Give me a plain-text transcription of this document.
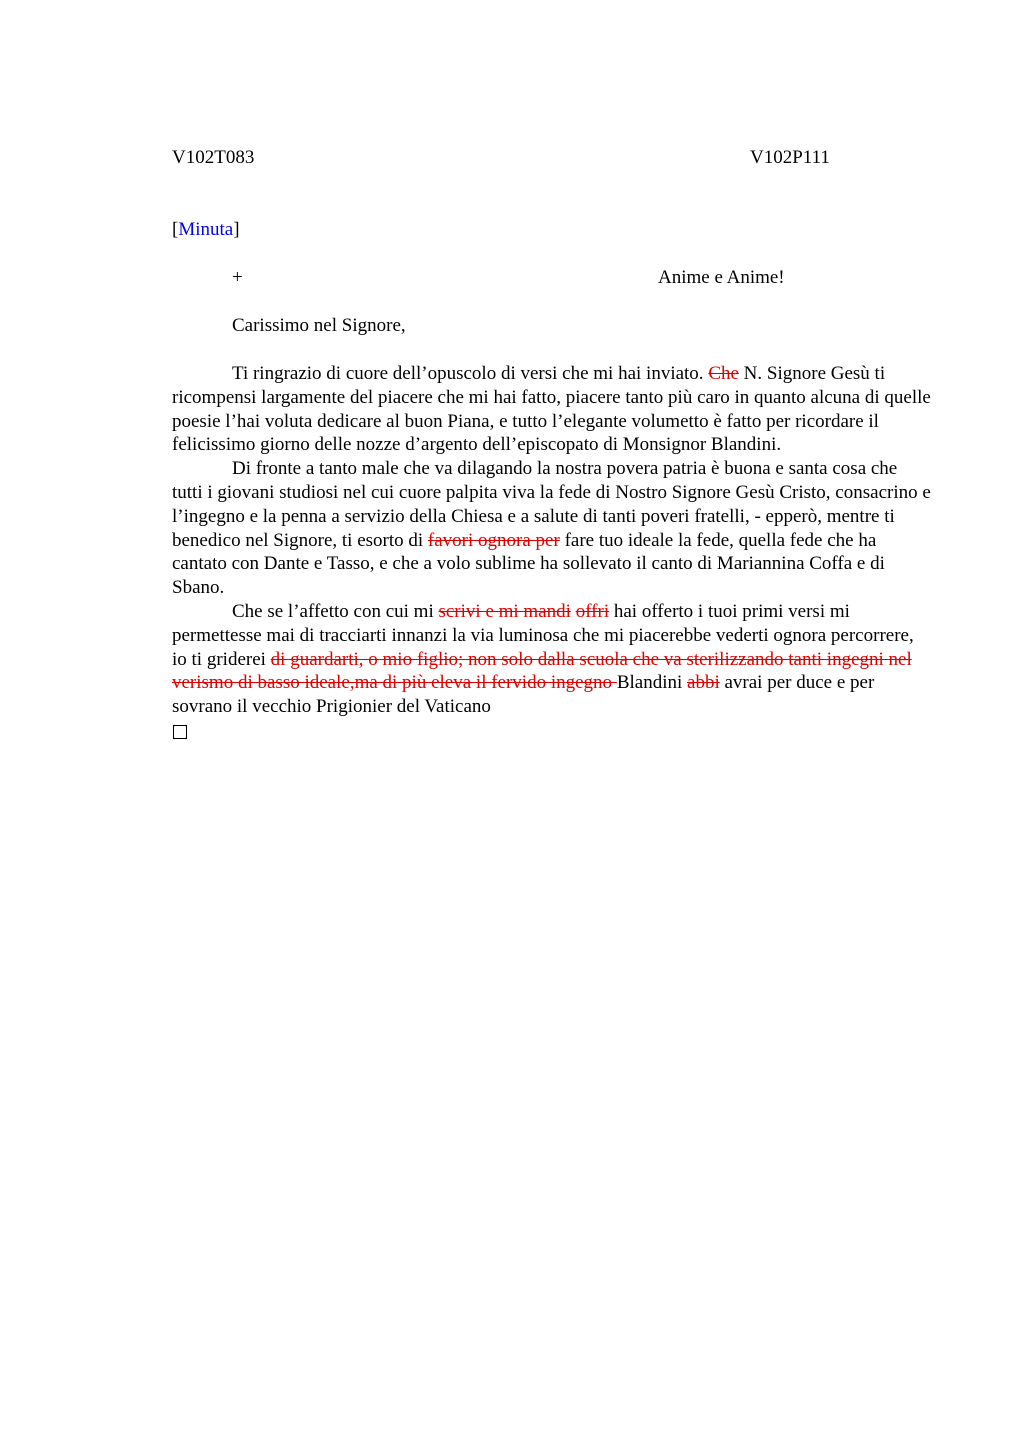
V102T083	V102P111
[Minuta]
+	Anime e Anime!
Carissimo nel Signore,

Ti ringrazio di cuore dell’opuscolo di versi che mi hai inviato. Che N. Signore Gesù ti ricompensi largamente del piacere che mi hai fatto, piacere tanto più caro in quanto alcuna di quelle poesie l’hai voluta dedicare al buon Piana, e tutto l’elegante volumetto è fatto per ricordare il felicissimo giorno delle nozze d’argento dell’episcopato di Monsignor Blandini.

Di fronte a tanto male che va dilagando la nostra povera patria è buona e santa cosa che tutti i giovani studiosi nel cui cuore palpita viva la fede di Nostro Signore Gesù Cristo, consacrino e l’ingegno e la penna a servizio della Chiesa e a salute di tanti poveri fratelli, - epperò, mentre ti benedico nel Signore, ti esorto di favori ognora per fare tuo ideale la fede, quella fede che ha cantato con Dante e Tasso, e che a volo sublime ha sollevato il canto di Mariannina Coffa e di Sbano.

Che se l’affetto con cui mi scrivi e mi mandi offri hai offerto i tuoi primi versi mi permettesse mai di tracciarti innanzi la via luminosa che mi piacerebbe vederti ognora percorrere, io ti griderei di guardarti, o mio figlio; non solo dalla scuola che va sterilizzando tanti ingegni nel verismo di basso ideale,ma di più eleva il fervido ingegno Blandini abbi avrai per duce e per sovrano il vecchio Prigionier del Vaticano
